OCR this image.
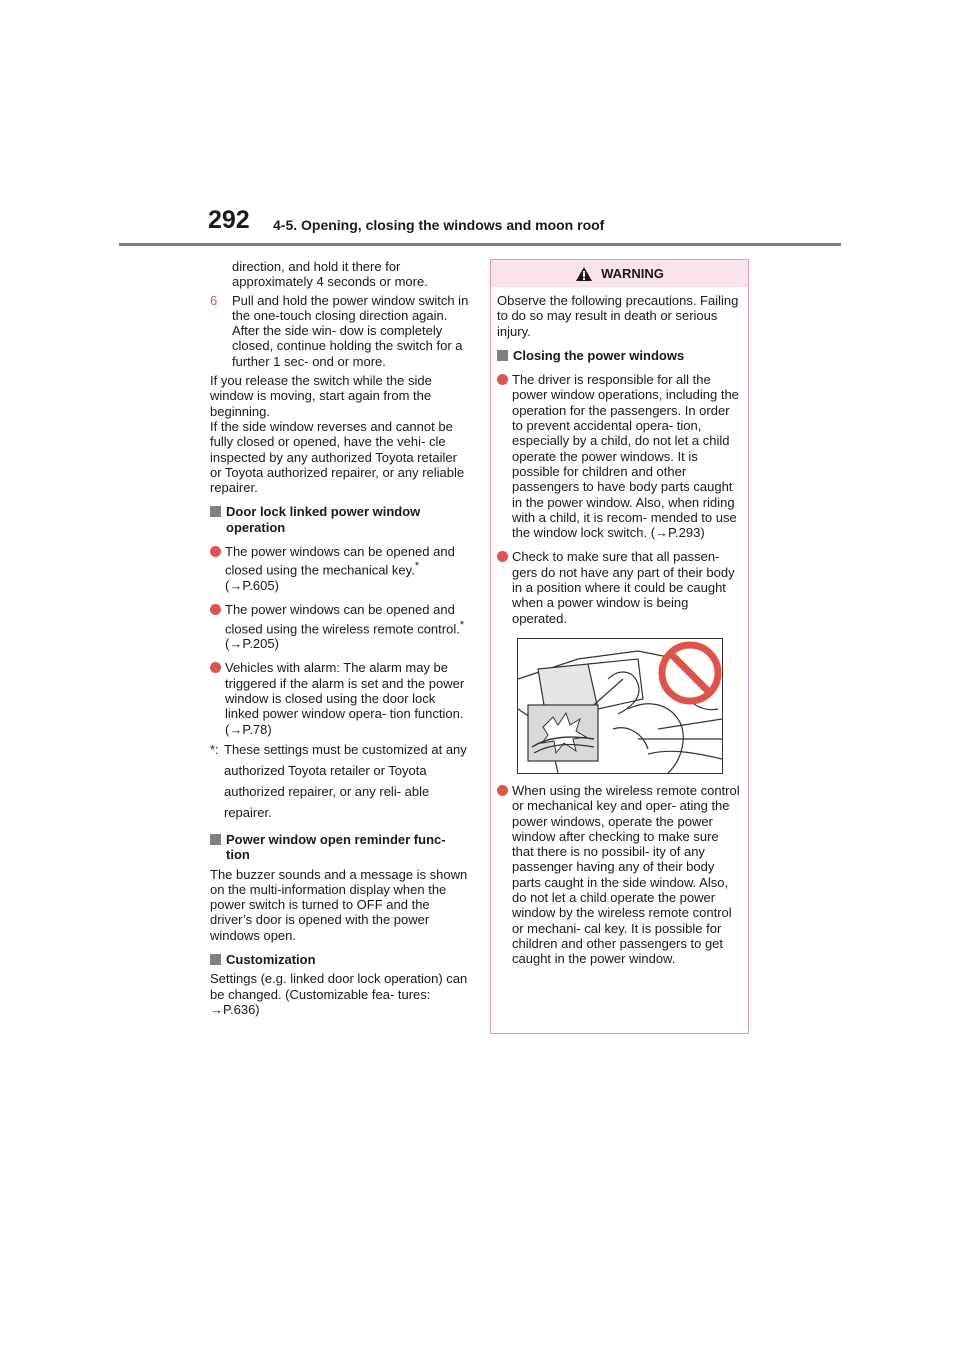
292 4-5. Opening, closing the windows and moon roof

direction, and hold it there for approximately 4 seconds or more.

6	Pull and hold the power window switch in the one-touch closing direction again. After the side win- dow is completely closed, continue holding the switch for a further 1 sec- ond or more.

If you release the switch while the side window is moving, start again from the beginning.

If the side window reverses and cannot be fully closed or opened, have the vehi- cle inspected by any authorized Toyota retailer or Toyota authorized repairer, or any reliable repairer.

Door lock linked power window operation
The power windows can be opened and closed using the mechanical key.*
(→P.605)
The power windows can be opened and closed using the wireless remote control.* (→P.205)
Vehicles with alarm: The alarm may be triggered if the alarm is set and the power window is closed using the door lock linked power window opera- tion function. (→P.78)
*: These settings must be customized at any authorized Toyota retailer or Toyota authorized repairer, or any reli- able repairer.
Power window open reminder func- tion

The buzzer sounds and a message is shown on the multi-information display when the power switch is turned to OFF and the driver’s door is opened with the power windows open.

Customization

Settings (e.g. linked door lock operation) can be changed. (Customizable fea- tures: →P.636)

WARNING

Observe the following precautions. Failing to do so may result in death or serious injury.

Closing the power windows
The driver is responsible for all the power window operations, including the operation for the passengers. In order to prevent accidental opera- tion, especially by a child, do not let a child operate the power windows. It is possible for children and other passengers to have body parts caught in the power window. Also, when riding with a child, it is recom- mended to use the window lock switch. (→P.293)
Check to make sure that all passen- gers do not have any part of their body in a position where it could be caught when a power window is being operated.
When using the wireless remote control or mechanical key and oper- ating the power windows, operate the power window after checking to make sure that there is no possibil- ity of any passenger having any of their body parts caught in the side window. Also, do not let a child operate the power window by the wireless remote control or mechani- cal key. It is possible for children and other passengers to get caught in the power window.
